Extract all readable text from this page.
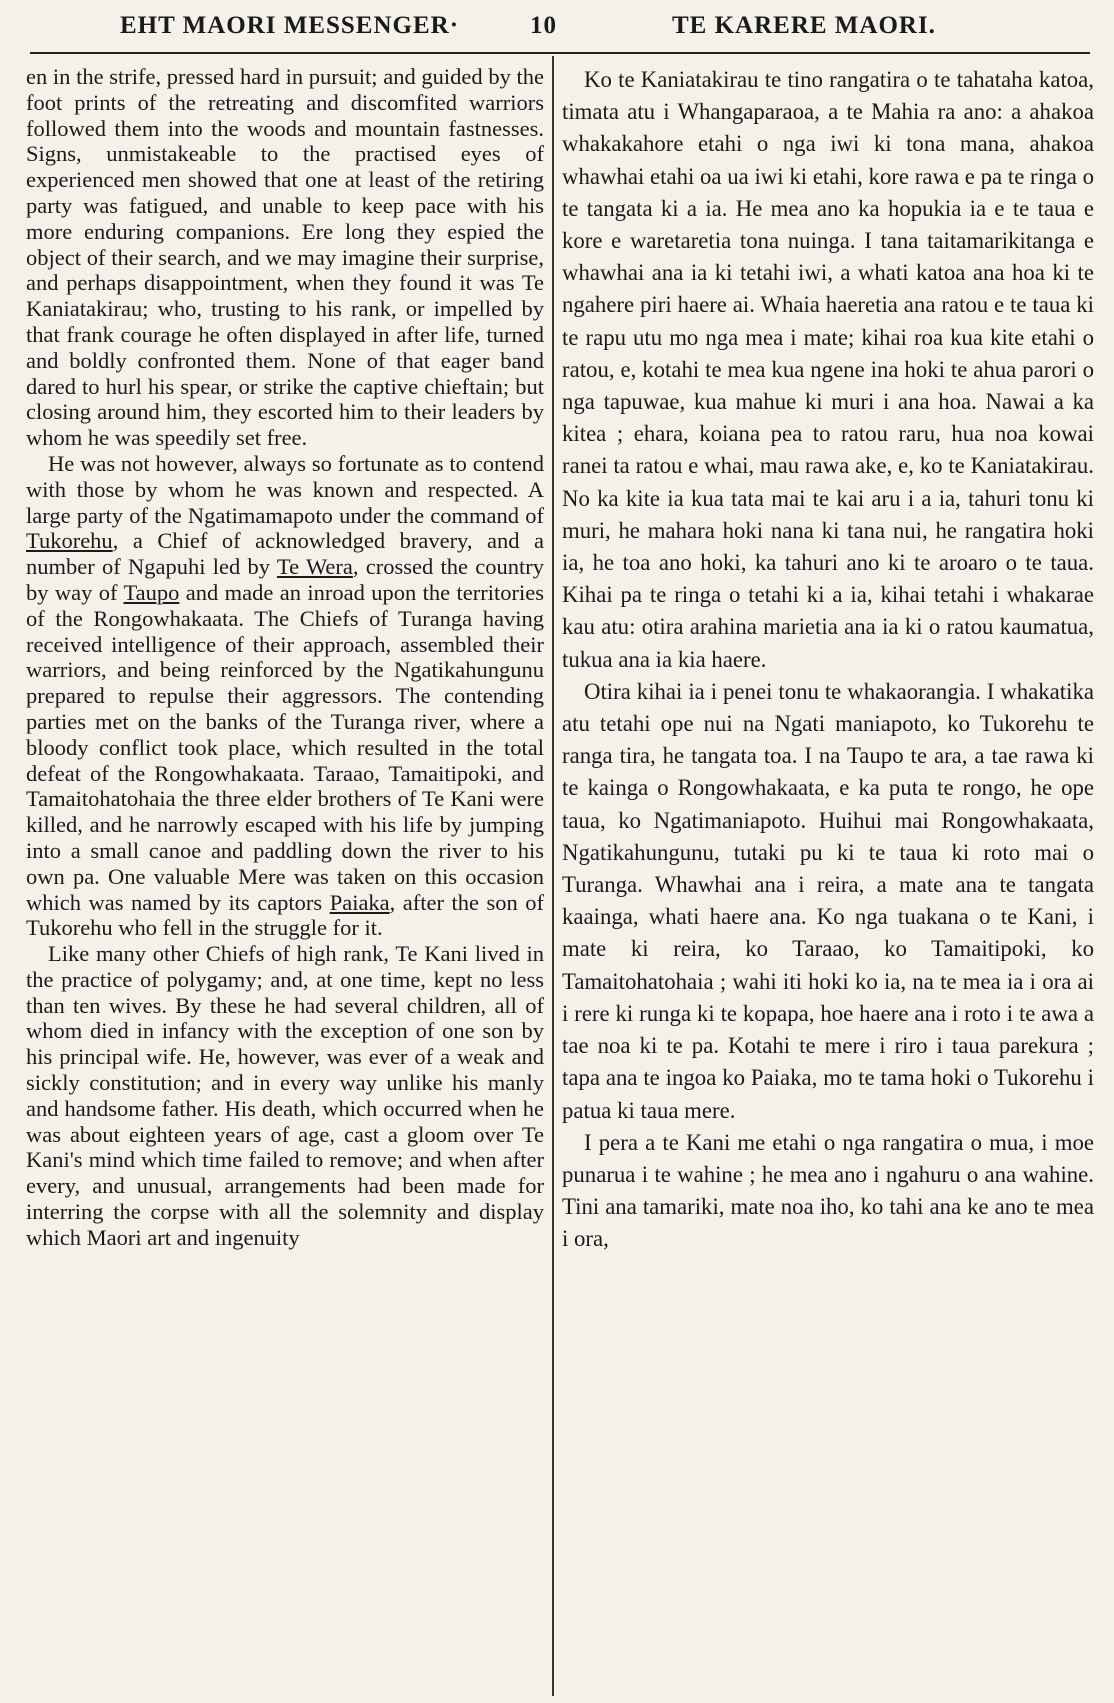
EHT MAORI MESSENGER·	10	TE KARERE MAORI.

en in the strife, pressed hard in pursuit; and guided by the foot prints of the retreating and discomfited warriors followed them into the woods and mountain fastnesses. Signs, unmistakeable to the practised eyes of experienced men showed that one at least of the retiring party was fatigued, and unable to keep pace with his more enduring companions. Ere long they espied the object of their search, and we may imagine their surprise, and perhaps disappointment, when they found it was Te Kaniatakirau; who, trusting to his rank, or impelled by that frank courage he often displayed in after life, turned and boldly confronted them. None of that eager band dared to hurl his spear, or strike the captive chieftain; but closing around him, they escorted him to their leaders by whom he was speedily set free.

He was not however, always so fortunate as to contend with those by whom he was known and respected. A large party of the Ngatimamapoto under the command of Tukorehu, a Chief of acknowledged bravery, and a number of Ngapuhi led by Te Wera, crossed the country by way of Taupo and made an inroad upon the territories of the Rongowhakaata. The Chiefs of Turanga having received intelligence of their approach, assembled their warriors, and being reinforced by the Ngatikahungunu prepared to repulse their aggressors. The contending parties met on the banks of the Turanga river, where a bloody conflict took place, which resulted in the total defeat of the Rongowhakaata. Taraao, Tamaitipoki, and Tamaitohatohaia the three elder brothers of Te Kani were killed, and he narrowly escaped with his life by jumping into a small canoe and paddling down the river to his own pa. One valuable Mere was taken on this occasion which was named by its captors Paiaka, after the son of Tukorehu who fell in the struggle for it.

Like many other Chiefs of high rank, Te Kani lived in the practice of polygamy; and, at one time, kept no less than ten wives. By these he had several children, all of whom died in infancy with the exception of one son by his principal wife. He, however, was ever of a weak and sickly constitution; and in every way unlike his manly and handsome father. His death, which occurred when he was about eighteen years of age, cast a gloom over Te Kani's mind which time failed to remove; and when after every, and unusual, arrangements had been made for interring the corpse with all the solemnity and display which Maori art and ingenuity

Ko te Kaniatakirau te tino rangatira o te tahataha katoa, timata atu i Whangaparaoa, a te Mahia ra ano: a ahakoa whakakahore etahi o nga iwi ki tona mana, ahakoa whawhai etahi oa ua iwi ki etahi, kore rawa e pa te ringa o te tangata ki a ia. He mea ano ka hopukia ia e te taua e kore e waretaretia tona nuinga. I tana taitamarikitanga e whawhai ana ia ki tetahi iwi, a whati katoa ana hoa ki te ngahere piri haere ai. Whaia haeretia ana ratou e te taua ki te rapu utu mo nga mea i mate; kihai roa kua kite etahi o ratou, e, kotahi te mea kua ngene ina hoki te ahua parori o nga tapuwae, kua mahue ki muri i ana hoa. Nawai a ka kitea ; ehara, koiana pea to ratou raru, hua noa kowai ranei ta ratou e whai, mau rawa ake, e, ko te Kaniatakirau. No ka kite ia kua tata mai te kai aru i a ia, tahuri tonu ki muri, he mahara hoki nana ki tana nui, he rangatira hoki ia, he toa ano hoki, ka tahuri ano ki te aroaro o te taua. Kihai pa te ringa o tetahi ki a ia, kihai tetahi i whakarae kau atu: otira arahina marietia ana ia ki o ratou kaumatua, tukua ana ia kia haere.

Otira kihai ia i penei tonu te whakaorangia. I whakatika atu tetahi ope nui na Ngati maniapoto, ko Tukorehu te ranga tira, he tangata toa. I na Taupo te ara, a tae rawa ki te kainga o Rongowhakaata, e ka puta te rongo, he ope taua, ko Ngatimaniapoto. Huihui mai Rongowhakaata, Ngatikahungunu, tutaki pu ki te taua ki roto mai o Turanga. Whawhai ana i reira, a mate ana te tangata kaainga, whati haere ana. Ko nga tuakana o te Kani, i mate ki reira, ko Taraao, ko Tamaitipoki, ko Tamaitohatohaia ; wahi iti hoki ko ia, na te mea ia i ora ai i rere ki runga ki te kopapa, hoe haere ana i roto i te awa a tae noa ki te pa. Kotahi te mere i riro i taua parekura ; tapa ana te ingoa ko Paiaka, mo te tama hoki o Tukorehu i patua ki taua mere.

I pera a te Kani me etahi o nga rangatira o mua, i moe punarua i te wahine ; he mea ano i ngahuru o ana wahine. Tini ana tamariki, mate noa iho, ko tahi ana ke ano te mea i ora,
